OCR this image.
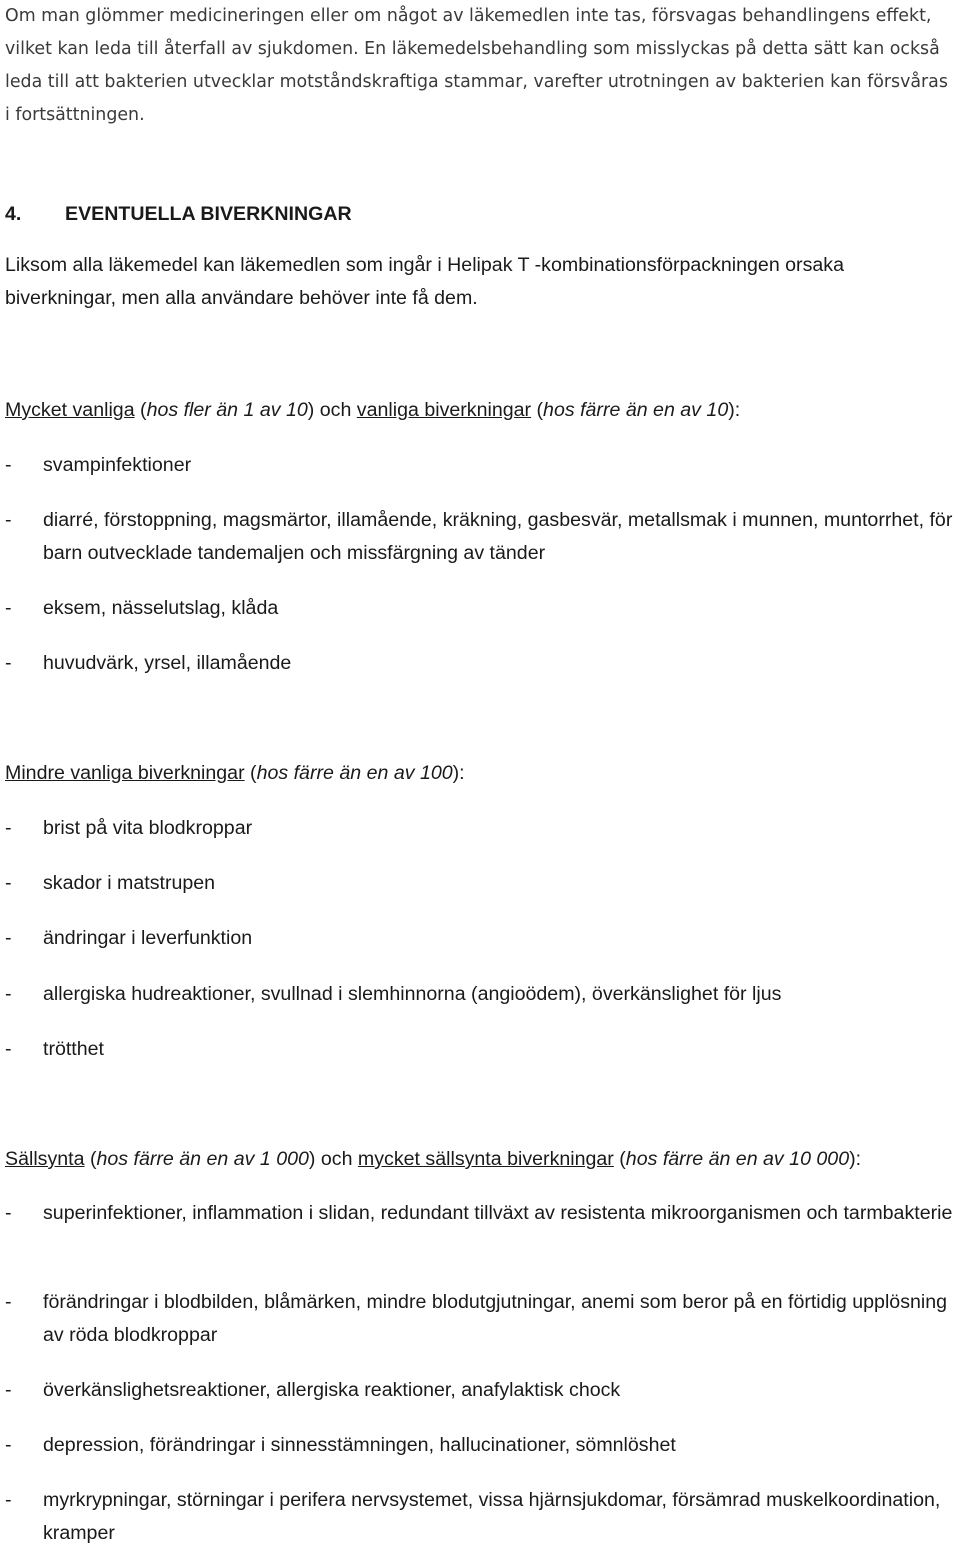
Om man glömmer medicineringen eller om något av läkemedlen inte tas, försvagas behandlingens effekt, vilket kan leda till återfall av sjukdomen. En läkemedelsbehandling som misslyckas på detta sätt kan också leda till att bakterien utvecklar motståndskraftiga stammar, varefter utrotningen av bakterien kan försvåras i fortsättningen.

4. EVENTUELLA BIVERKNINGAR

Liksom alla läkemedel kan läkemedlen som ingår i Helipak T -kombinationsförpackningen orsaka biverkningar, men alla användare behöver inte få dem.

Mycket vanliga (hos fler än 1 av 10) och vanliga biverkningar (hos färre än en av 10):

-	svampinfektioner
-	diarré, förstoppning, magsmärtor, illamående, kräkning, gasbesvär, metallsmak i munnen, muntorrhet, för barn outvecklade tandemaljen och missfärgning av tänder
-	eksem, nässelutslag, klåda
-	huvudvärk, yrsel, illamående

Mindre vanliga biverkningar (hos färre än en av 100):

-	brist på vita blodkroppar
-	skador i matstrupen
-	ändringar i leverfunktion
-	allergiska hudreaktioner, svullnad i slemhinnorna (angioödem), överkänslighet för ljus
-	trötthet

Sällsynta (hos färre än en av 1 000) och mycket sällsynta biverkningar (hos färre än en av 10 000):

-	superinfektioner, inflammation i slidan, redundant tillväxt av resistenta mikroorganismen och tarmbakterie
-	förändringar i blodbilden, blåmärken, mindre blodutgjutningar, anemi som beror på en förtidig upplösning av röda blodkroppar
-	överkänslighetsreaktioner, allergiska reaktioner, anafylaktisk chock
-	depression, förändringar i sinnesstämningen, hallucinationer, sömnlöshet
-	myrkrypningar, störningar i perifera nervsystemet, vissa hjärnsjukdomar, försämrad muskelkoordination, kramper
